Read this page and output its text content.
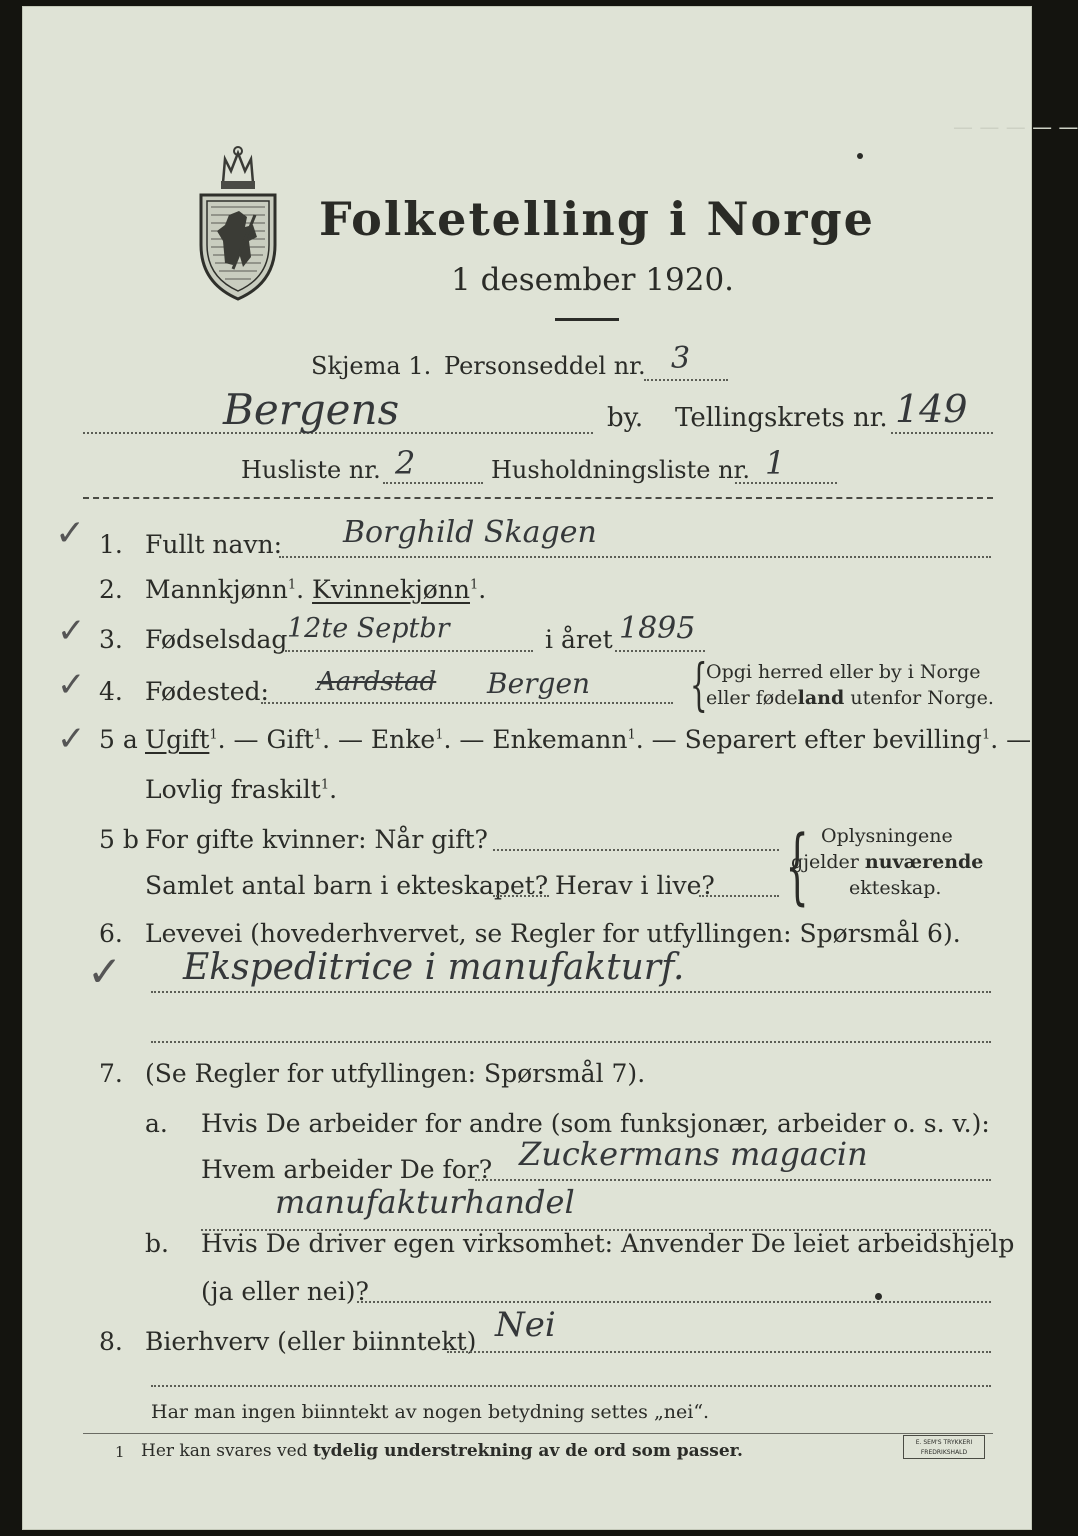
— — — — —
Folketelling i Norge
1 desember 1920.
Skjema 1. Personseddel nr. 3
Bergens	by. Tellingskrets nr. 149
Husliste nr. 2	Husholdningsliste nr. 1
✓ 1. Fullt navn: Borghild Skagen
2. Mannkjønn$^1$. Kvinnekjønn$^1$.
✓ 3. Fødselsdag 12te Septbr	i året 1895
✓ 4. Fødested: Aardstad Bergen {
Opgi herred eller by i Norge
eller fødeland utenfor Norge.
✓ 5 a Ugift$^1$. — Gift$^1$. — Enke$^1$. — Enkemann$^1$. — Separert efter bevilling$^1$. —
Lovlig fraskilt$^1$.
5 b For gifte kvinner: Når gift?
Samlet antal barn i ekteskapet? Herav i live? { Oplysningene
gjelder nuværende
ekteskap.
6. Levevei (hovederhvervet, se Regler for utfyllingen: Spørsmål 6).
✓ Ekspeditrice i manufakturf.
7. (Se Regler for utfyllingen: Spørsmål 7).
a. Hvis De arbeider for andre (som funksjonær, arbeider o. s. v.):
Hvem arbeider De for? Zuckermans magacin
manufakturhandel
b. Hvis De driver egen virksomhet: Anvender De leiet arbeidshjelp
(ja eller nei)?
8. Bierhverv (eller biinntekt) Nei
Har man ingen biinntekt av nogen betydning settes „nei“.
1 Her kan svares ved tydelig understrekning av de ord som passer.	E. SEM'S TRYKKERI
FREDRIKSHALD
